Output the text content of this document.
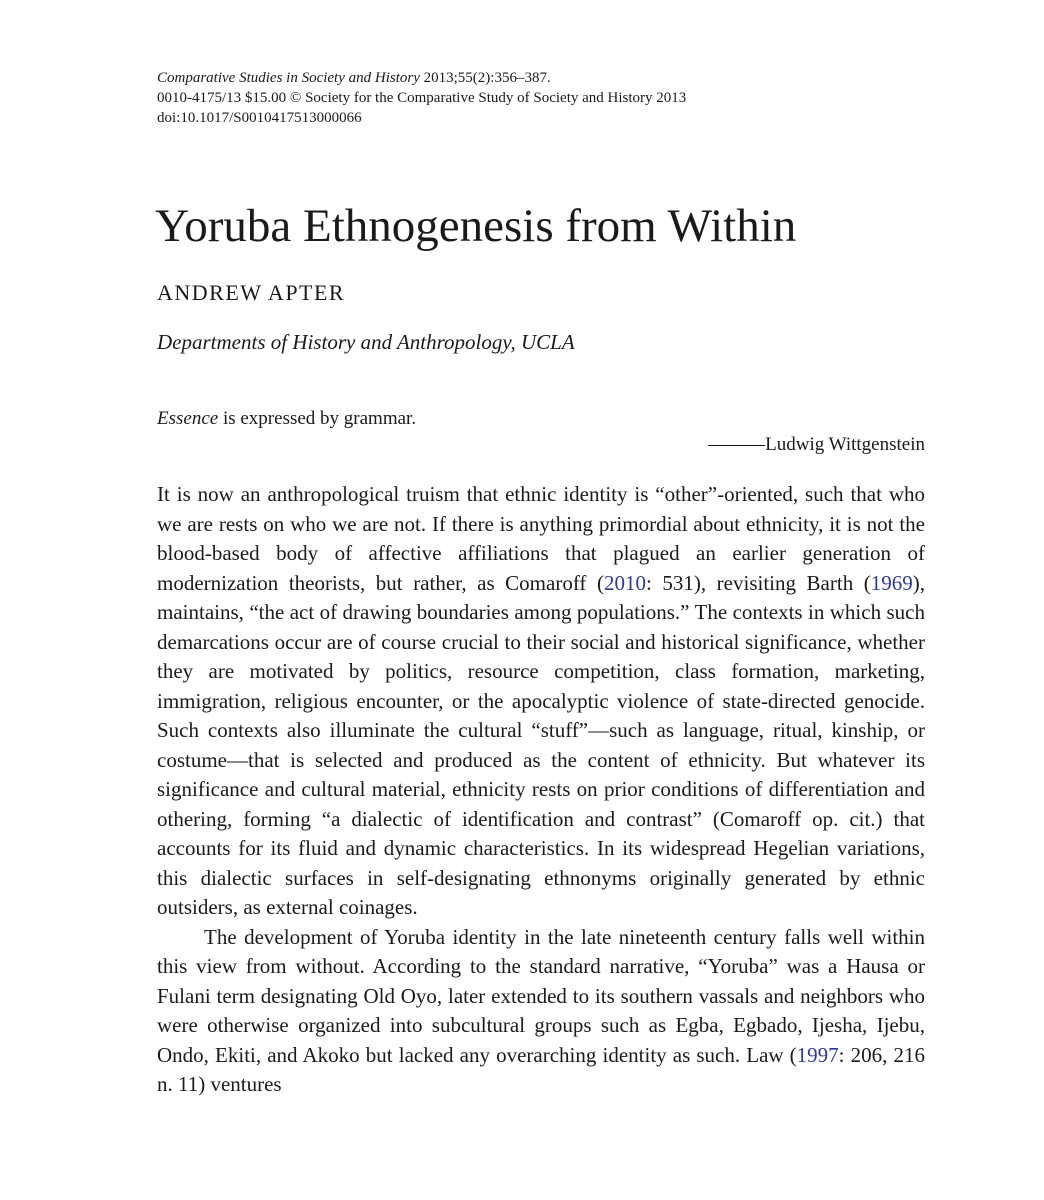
Comparative Studies in Society and History 2013;55(2):356–387.
0010-4175/13 $15.00 © Society for the Comparative Study of Society and History 2013
doi:10.1017/S0010417513000066
Yoruba Ethnogenesis from Within
ANDREW APTER
Departments of History and Anthropology, UCLA
Essence is expressed by grammar.
———Ludwig Wittgenstein

It is now an anthropological truism that ethnic identity is “other”-oriented, such that who we are rests on who we are not. If there is anything primordial about ethnicity, it is not the blood-based body of affective affiliations that plagued an earlier generation of modernization theorists, but rather, as Comaroff (2010: 531), revisiting Barth (1969), maintains, “the act of drawing boundaries among populations.” The contexts in which such demarcations occur are of course crucial to their social and historical significance, whether they are motivated by politics, resource competition, class formation, marketing, immigration, religious encounter, or the apocalyptic violence of state-directed genocide. Such contexts also illuminate the cultural “stuff”—such as language, ritual, kinship, or costume—that is selected and produced as the content of ethnicity. But whatever its significance and cultural material, ethnicity rests on prior conditions of differentiation and othering, forming “a dialectic of identification and contrast” (Comaroff op. cit.) that accounts for its fluid and dynamic characteristics. In its widespread Hegelian variations, this dialectic surfaces in self-designating ethnonyms originally generated by ethnic outsiders, as external coinages.

The development of Yoruba identity in the late nineteenth century falls well within this view from without. According to the standard narrative, “Yoruba” was a Hausa or Fulani term designating Old Oyo, later extended to its southern vassals and neighbors who were otherwise organized into subcultural groups such as Egba, Egbado, Ijesha, Ijebu, Ondo, Ekiti, and Akoko but lacked any overarching identity as such. Law (1997: 206, 216 n. 11) ventures
